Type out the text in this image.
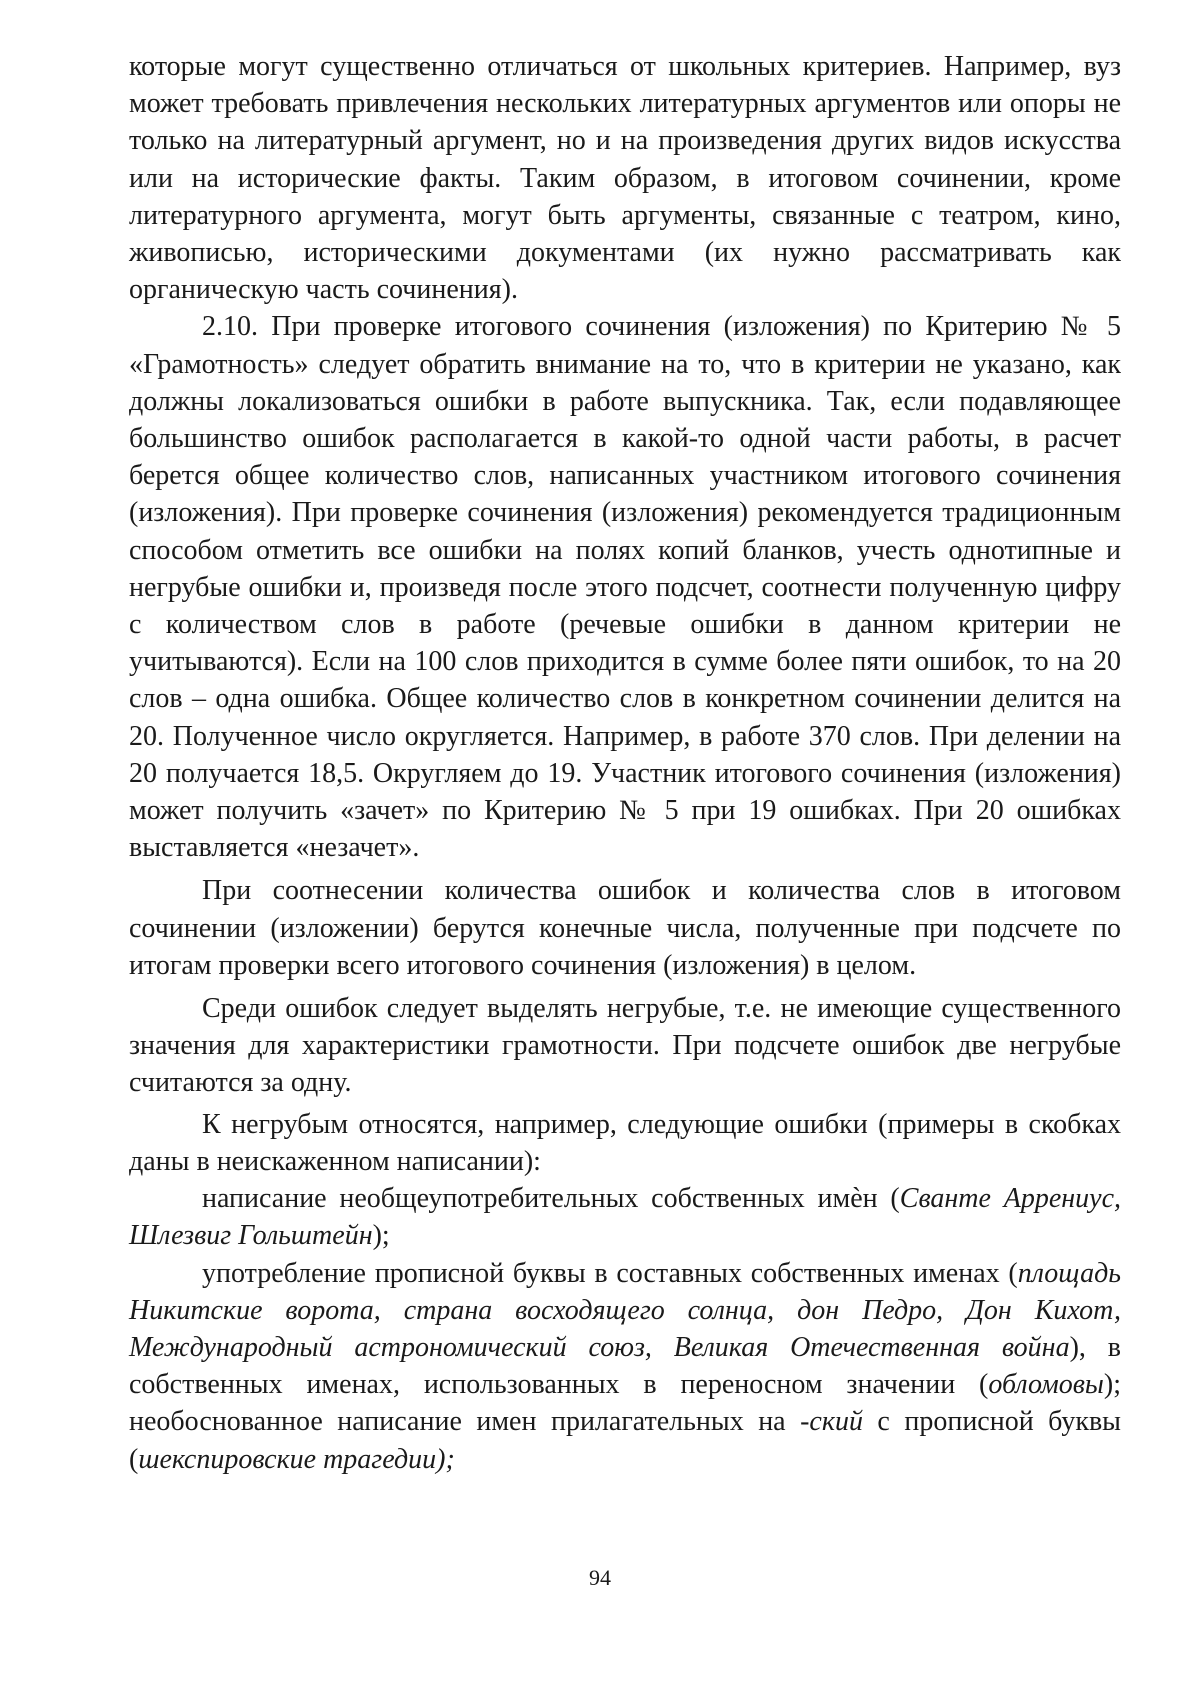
которые могут существенно отличаться от школьных критериев. Например, вуз может требовать привлечения нескольких литературных аргументов или опоры не только на литературный аргумент, но и на произведения других видов искусства или на исторические факты. Таким образом, в итоговом сочинении, кроме литературного аргумента, могут быть аргументы, связанные с театром, кино, живописью, историческими документами (их нужно рассматривать как органическую часть сочинения).

2.10. При проверке итогового сочинения (изложения) по Критерию № 5 «Грамотность» следует обратить внимание на то, что в критерии не указано, как должны локализоваться ошибки в работе выпускника. Так, если подавляющее большинство ошибок располагается в какой-то одной части работы, в расчет берется общее количество слов, написанных участником итогового сочинения (изложения). При проверке сочинения (изложения) рекомендуется традиционным способом отметить все ошибки на полях копий бланков, учесть однотипные и негрубые ошибки и, произведя после этого подсчет, соотнести полученную цифру с количеством слов в работе (речевые ошибки в данном критерии не учитываются). Если на 100 слов приходится в сумме более пяти ошибок, то на 20 слов – одна ошибка. Общее количество слов в конкретном сочинении делится на 20. Полученное число округляется. Например, в работе 370 слов. При делении на 20 получается 18,5. Округляем до 19. Участник итогового сочинения (изложения) может получить «зачет» по Критерию № 5 при 19 ошибках. При 20 ошибках выставляется «незачет».

При соотнесении количества ошибок и количества слов в итоговом сочинении (изложении) берутся конечные числа, полученные при подсчете по итогам проверки всего итогового сочинения (изложения) в целом.

Среди ошибок следует выделять негрубые, т.е. не имеющие существенного значения для характеристики грамотности. При подсчете ошибок две негрубые считаются за одну.

К негрубым относятся, например, следующие ошибки (примеры в скобках даны в неискаженном написании):

написание необщеупотребительных собственных имѐн (Сванте Аррениус, Шлезвиг Гольштейн);

употребление прописной буквы в составных собственных именах (площадь Никитские ворота, страна восходящего солнца, дон Педро, Дон Кихот, Международный астрономический союз, Великая Отечественная война), в собственных именах, использованных в переносном значении (обломовы); необоснованное написание имен прилагательных на -ский с прописной буквы (шекспировские трагедии);

94
